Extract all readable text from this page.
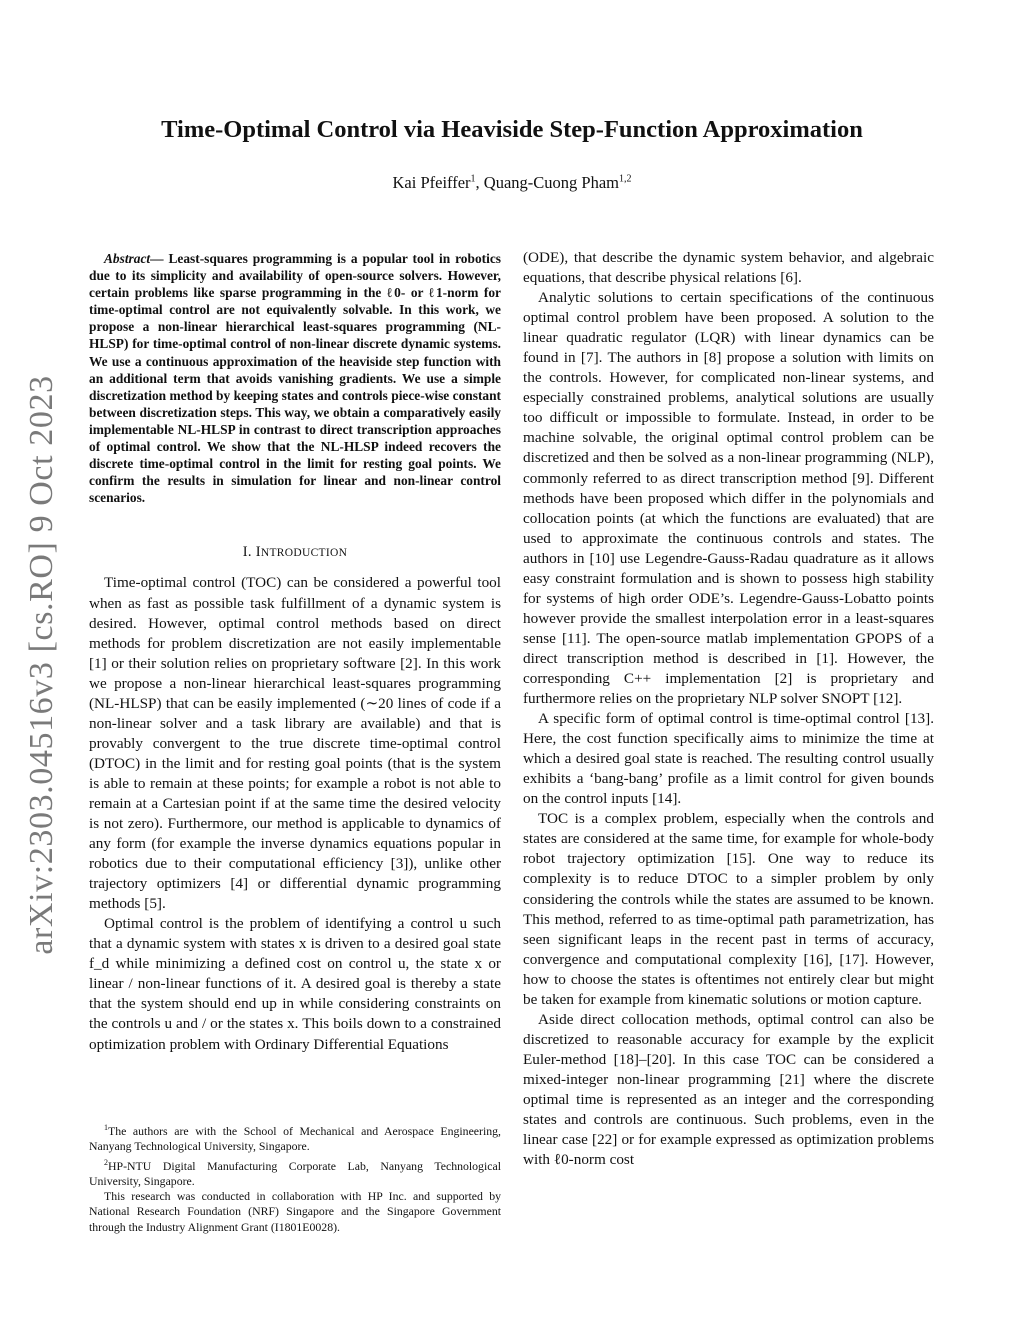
arXiv:2303.04516v3 [cs.RO] 9 Oct 2023
Time-Optimal Control via Heaviside Step-Function Approximation
Kai Pfeiffer$^1$, Quang-Cuong Pham$^{1,2}$

Abstract— Least-squares programming is a popular tool in robotics due to its simplicity and availability of open-source solvers. However, certain problems like sparse programming in the ℓ0- or ℓ1-norm for time-optimal control are not equivalently solvable. In this work, we propose a non-linear hierarchical least-squares programming (NL-HLSP) for time-optimal control of non-linear discrete dynamic systems. We use a continuous approximation of the heaviside step function with an additional term that avoids vanishing gradients. We use a simple discretization method by keeping states and controls piece-wise constant between discretization steps. This way, we obtain a comparatively easily implementable NL-HLSP in contrast to direct transcription approaches of optimal control. We show that the NL-HLSP indeed recovers the discrete time-optimal control in the limit for resting goal points. We confirm the results in simulation for linear and non-linear control scenarios.

I. INTRODUCTION

Time-optimal control (TOC) can be considered a powerful tool when as fast as possible task fulfillment of a dynamic system is desired. However, optimal control methods based on direct methods for problem discretization are not easily implementable [1] or their solution relies on proprietary software [2]. In this work we propose a non-linear hierarchical least-squares programming (NL-HLSP) that can be easily implemented (∼20 lines of code if a non-linear solver and a task library are available) and that is provably convergent to the true discrete time-optimal control (DTOC) in the limit and for resting goal points (that is the system is able to remain at these points; for example a robot is not able to remain at a Cartesian point if at the same time the desired velocity is not zero). Furthermore, our method is applicable to dynamics of any form (for example the inverse dynamics equations popular in robotics due to their computational efficiency [3]), unlike other trajectory optimizers [4] or differential dynamic programming methods [5].

Optimal control is the problem of identifying a control u such that a dynamic system with states x is driven to a desired goal state f_d while minimizing a defined cost on control u, the state x or linear / non-linear functions of it. A desired goal is thereby a state that the system should end up in while considering constraints on the controls u and / or the states x. This boils down to a constrained optimization problem with Ordinary Differential Equations

(ODE), that describe the dynamic system behavior, and algebraic equations, that describe physical relations [6].

Analytic solutions to certain specifications of the continuous optimal control problem have been proposed. A solution to the linear quadratic regulator (LQR) with linear dynamics can be found in [7]. The authors in [8] propose a solution with limits on the controls. However, for complicated non-linear systems, and especially constrained problems, analytical solutions are usually too difficult or impossible to formulate. Instead, in order to be machine solvable, the original optimal control problem can be discretized and then be solved as a non-linear programming (NLP), commonly referred to as direct transcription method [9]. Different methods have been proposed which differ in the polynomials and collocation points (at which the functions are evaluated) that are used to approximate the continuous controls and states. The authors in [10] use Legendre-Gauss-Radau quadrature as it allows easy constraint formulation and is shown to possess high stability for systems of high order ODE’s. Legendre-Gauss-Lobatto points however provide the smallest interpolation error in a least-squares sense [11]. The open-source matlab implementation GPOPS of a direct transcription method is described in [1]. However, the corresponding C++ implementation [2] is proprietary and furthermore relies on the proprietary NLP solver SNOPT [12].

A specific form of optimal control is time-optimal control [13]. Here, the cost function specifically aims to minimize the time at which a desired goal state is reached. The resulting control usually exhibits a ‘bang-bang’ profile as a limit control for given bounds on the control inputs [14].

TOC is a complex problem, especially when the controls and states are considered at the same time, for example for whole-body robot trajectory optimization [15]. One way to reduce its complexity is to reduce DTOC to a simpler problem by only considering the controls while the states are assumed to be known. This method, referred to as time-optimal path parametrization, has seen significant leaps in the recent past in terms of accuracy, convergence and computational complexity [16], [17]. However, how to choose the states is oftentimes not entirely clear but might be taken for example from kinematic solutions or motion capture.

Aside direct collocation methods, optimal control can also be discretized to reasonable accuracy for example by the explicit Euler-method [18]–[20]. In this case TOC can be considered a mixed-integer non-linear programming [21] where the discrete optimal time is represented as an integer and the corresponding states and controls are continuous. Such problems, even in the linear case [22] or for example expressed as optimization problems with ℓ0-norm cost

$^1$The authors are with the School of Mechanical and Aerospace Engineering, Nanyang Technological University, Singapore.

$^2$HP-NTU Digital Manufacturing Corporate Lab, Nanyang Technological University, Singapore.

This research was conducted in collaboration with HP Inc. and supported by National Research Foundation (NRF) Singapore and the Singapore Government through the Industry Alignment Grant (I1801E0028).
